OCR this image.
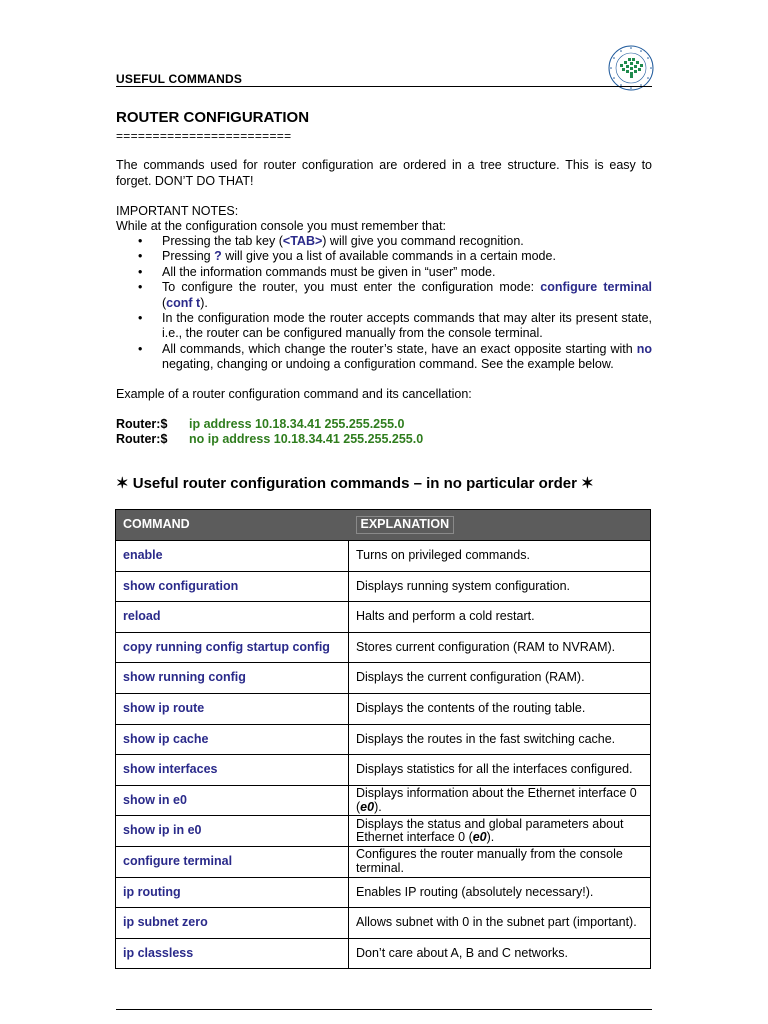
USEFUL COMMANDS
ROUTER CONFIGURATION
========================
The commands used for router configuration are ordered in a tree structure. This is easy to forget. DON’T DO THAT!
IMPORTANT NOTES:
While at the configuration console you must remember that:
• Pressing the tab key (<TAB>) will give you command recognition.
• Pressing ? will give you a list of available commands in a certain mode.
• All the information commands must be given in “user” mode.
• To configure the router, you must enter the configuration mode: configure terminal (conf t).
• In the configuration mode the router accepts commands that may alter its present state, i.e., the router can be configured manually from the console terminal.
• All commands, which change the router’s state, have an exact opposite starting with no negating, changing or undoing a configuration command. See the example below.
Example of a router configuration command and its cancellation:
Router:$ ip address 10.18.34.41 255.255.255.0
Router:$ no ip address 10.18.34.41 255.255.255.0
✶ Useful router configuration commands – in no particular order ✶
COMMAND	EXPLANATION
enable	Turns on privileged commands.
show configuration	Displays running system configuration.
reload	Halts and perform a cold restart.
copy running config startup config	Stores current configuration (RAM to NVRAM).
show running config	Displays the current configuration (RAM).
show ip route	Displays the contents of the routing table.
show ip cache	Displays the routes in the fast switching cache.
show interfaces	Displays statistics for all the interfaces configured.
show in e0	Displays information about the Ethernet interface 0 (e0).
show ip in e0	Displays the status and global parameters about Ethernet interface 0 (e0).
configure terminal	Configures the router manually from the console terminal.
ip routing	Enables IP routing (absolutely necessary!).
ip subnet zero	Allows subnet with 0 in the subnet part (important).
ip classless	Don’t care about A, B and C networks.
